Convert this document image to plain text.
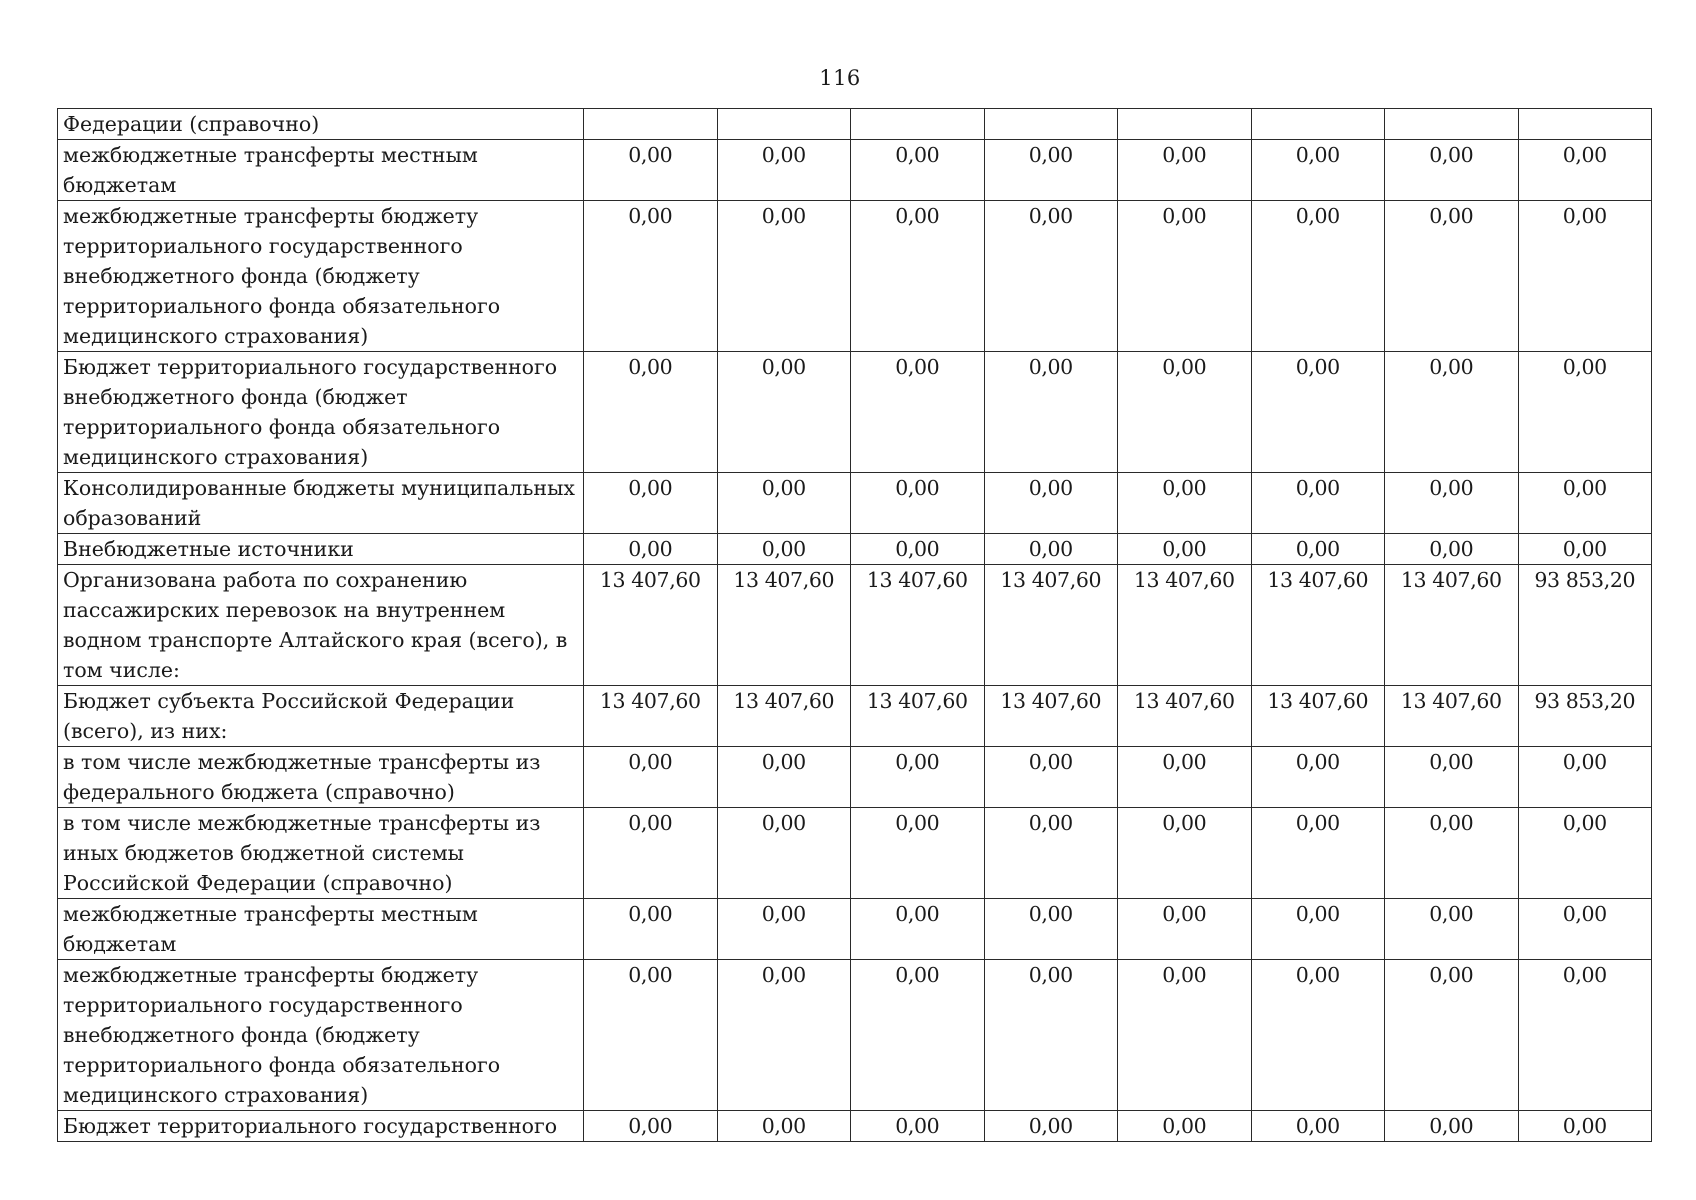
116
Федерации (справочно)								
межбюджетные трансферты местным бюджетам	0,00	0,00	0,00	0,00	0,00	0,00	0,00	0,00
межбюджетные трансферты бюджету территориального государственного внебюджетного фонда (бюджету территориального фонда обязательного медицинского страхования)	0,00	0,00	0,00	0,00	0,00	0,00	0,00	0,00
Бюджет территориального государственного внебюджетного фонда (бюджет территориального фонда обязательного медицинского страхования)	0,00	0,00	0,00	0,00	0,00	0,00	0,00	0,00
Консолидированные бюджеты муниципальных образований	0,00	0,00	0,00	0,00	0,00	0,00	0,00	0,00
Внебюджетные источники	0,00	0,00	0,00	0,00	0,00	0,00	0,00	0,00
Организована работа по сохранению пассажирских перевозок на внутреннем водном транспорте Алтайского края (всего), в том числе:	13 407,60	13 407,60	13 407,60	13 407,60	13 407,60	13 407,60	13 407,60	93 853,20
Бюджет субъекта Российской Федерации (всего), из них:	13 407,60	13 407,60	13 407,60	13 407,60	13 407,60	13 407,60	13 407,60	93 853,20
в том числе межбюджетные трансферты из федерального бюджета (справочно)	0,00	0,00	0,00	0,00	0,00	0,00	0,00	0,00
в том числе межбюджетные трансферты из иных бюджетов бюджетной системы Российской Федерации (справочно)	0,00	0,00	0,00	0,00	0,00	0,00	0,00	0,00
межбюджетные трансферты местным бюджетам	0,00	0,00	0,00	0,00	0,00	0,00	0,00	0,00
межбюджетные трансферты бюджету территориального государственного внебюджетного фонда (бюджету территориального фонда обязательного медицинского страхования)	0,00	0,00	0,00	0,00	0,00	0,00	0,00	0,00
Бюджет территориального государственного	0,00	0,00	0,00	0,00	0,00	0,00	0,00	0,00
